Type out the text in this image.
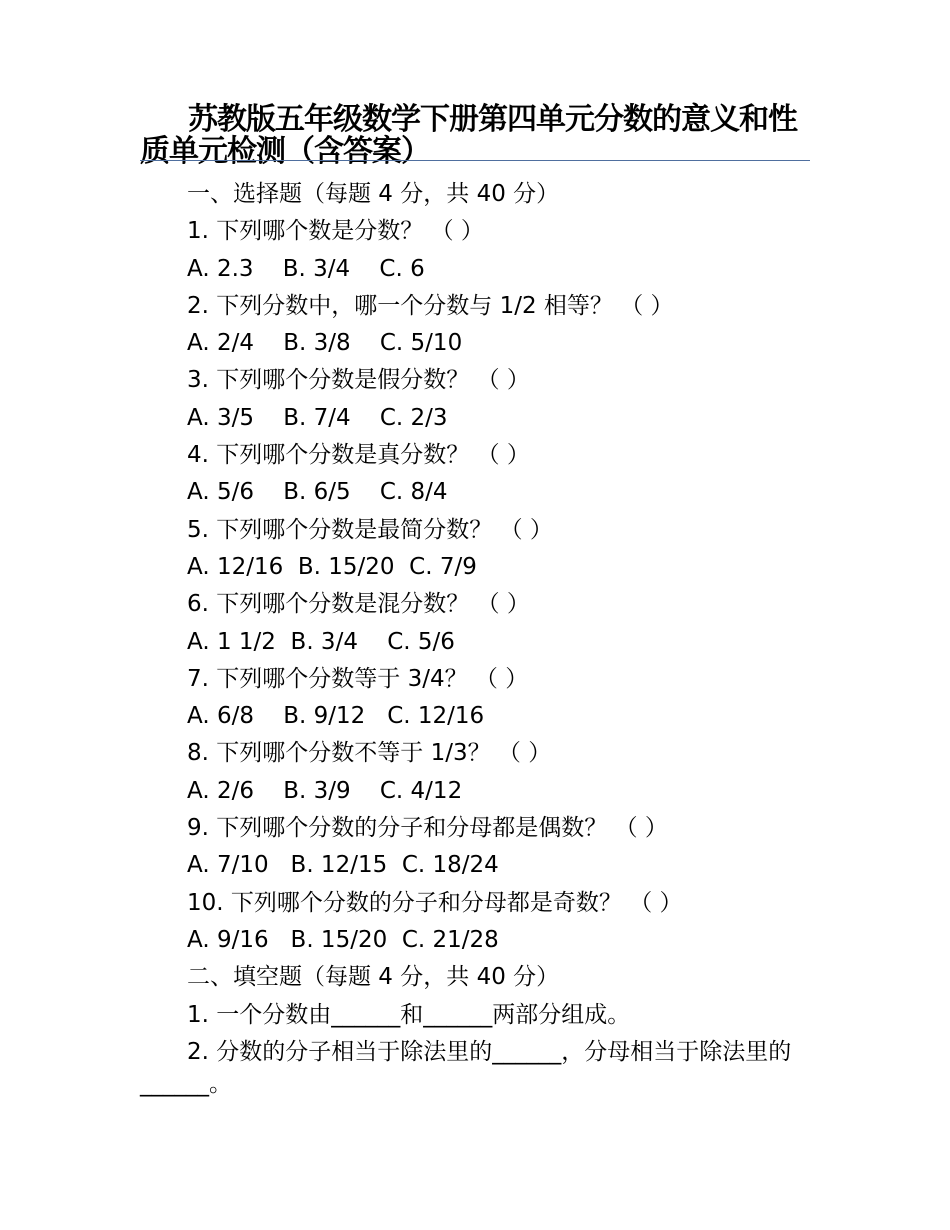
苏教版五年级数学下册第四单元分数的意义和性质单元检测（含答案）
一、选择题（每题 4 分，共 40 分）
1. 下列哪个数是分数？ （ ）
A. 2.3    B. 3/4    C. 6
2. 下列分数中，哪一个分数与 1/2 相等？ （ ）
A. 2/4    B. 3/8    C. 5/10
3. 下列哪个分数是假分数？ （ ）
A. 3/5    B. 7/4    C. 2/3
4. 下列哪个分数是真分数？ （ ）
A. 5/6    B. 6/5    C. 8/4
5. 下列哪个分数是最简分数？ （ ）
A. 12/16  B. 15/20  C. 7/9
6. 下列哪个分数是混分数？ （ ）
A. 1 1/2  B. 3/4    C. 5/6
7. 下列哪个分数等于 3/4？ （ ）
A. 6/8    B. 9/12   C. 12/16
8. 下列哪个分数不等于 1/3？ （ ）
A. 2/6    B. 3/9    C. 4/12
9. 下列哪个分数的分子和分母都是偶数？ （ ）
A. 7/10   B. 12/15  C. 18/24
10. 下列哪个分数的分子和分母都是奇数？ （ ）
A. 9/16   B. 15/20  C. 21/28
二、填空题（每题 4 分，共 40 分）
1. 一个分数由______和______两部分组成。
2. 分数的分子相当于除法里的______，分母相当于除法里的______。
